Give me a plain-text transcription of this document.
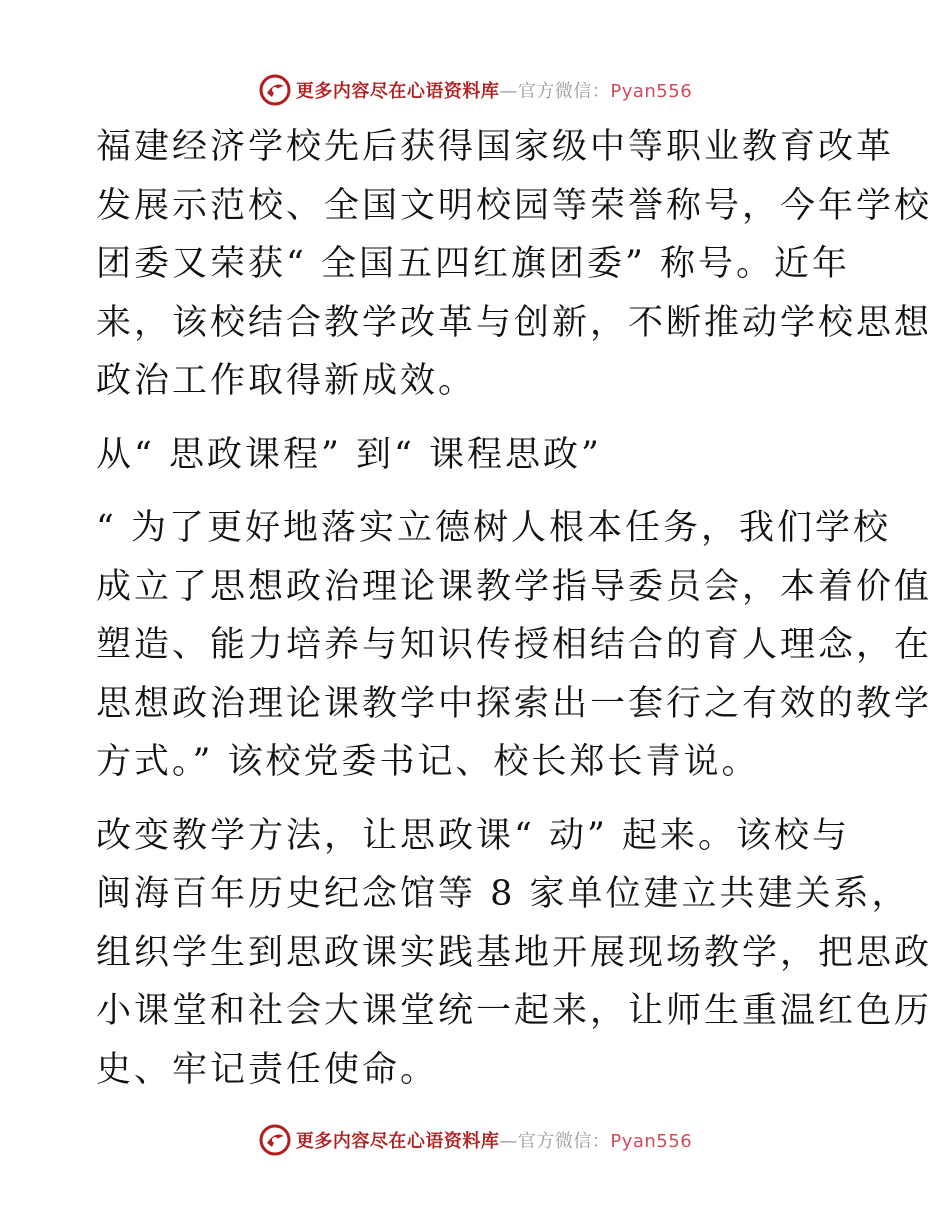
更多内容尽在心语资料库—官方微信：Pyan556

福建经济学校先后获得国家级中等职业教育改革

发展示范校、全国文明校园等荣誉称号，今年学校

团委又荣获“ 全国五四红旗团委” 称号。近年

来，该校结合教学改革与创新，不断推动学校思想

政治工作取得新成效。

从“ 思政课程” 到“ 课程思政”

“ 为了更好地落实立德树人根本任务，我们学校

成立了思想政治理论课教学指导委员会，本着价值

塑造、能力培养与知识传授相结合的育人理念，在

思想政治理论课教学中探索出一套行之有效的教学

方式。” 该校党委书记、校长郑长青说。

改变教学方法，让思政课“ 动” 起来。该校与

闽海百年历史纪念馆等 8 家单位建立共建关系，

组织学生到思政课实践基地开展现场教学，把思政

小课堂和社会大课堂统一起来，让师生重温红色历

史、牢记责任使命。

更多内容尽在心语资料库—官方微信：Pyan556
